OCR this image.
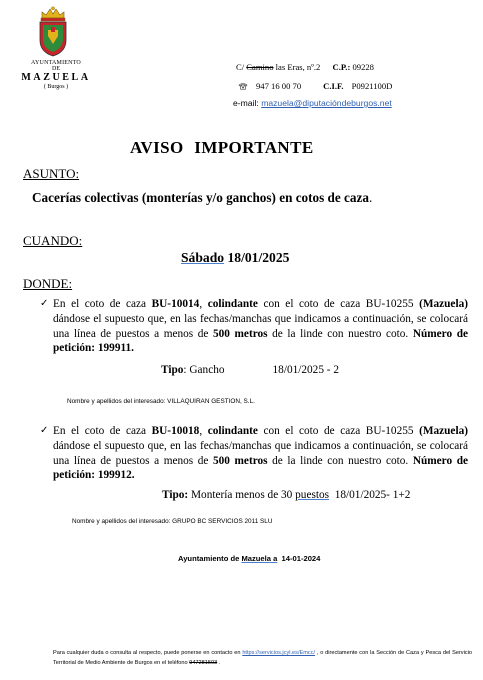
AYUNTAMIENTO
DE
MAZUELA
( Burgos )
C/ Camino las Eras, nº.2 C.P.: 09228
947 16 00 70	C.I.F. P0921100D
e-mail: mazuela@diputacióndeburgos.net
AVISO IMPORTANTE
ASUNTO:
Cacerías colectivas (monterías y/o ganchos) en cotos de caza.
CUANDO:
Sábado 18/01/2025
DONDE:
✓ En el coto de caza BU-10014, colindante con el coto de caza BU-10255 (Mazuela) dándose el supuesto que, en las fechas/manchas que indicamos a continuación, se colocará una línea de puestos a menos de 500 metros de la linde con nuestro coto. Número de petición: 199911.
Tipo: Gancho	18/01/2025 - 2
Nombre y apellidos del interesado: VILLAQUIRAN GESTION, S.L.
✓ En el coto de caza BU-10018, colindante con el coto de caza BU-10255 (Mazuela) dándose el supuesto que, en las fechas/manchas que indicamos a continuación, se colocará una línea de puestos a menos de 500 metros de la linde con nuestro coto. Número de petición: 199912.
Tipo: Montería menos de 30 puestos  18/01/2025- 1+2
Nombre y apellidos del interesado: GRUPO BC SERVICIOS 2011 SLU
Ayuntamiento de Mazuela a  14-01-2024
Para cualquier duda o consulta al respecto, puede ponerse en contacto en https://servicios.jcyl.es/Emcc/ , o directamente con la Sección de Caza y Pesca del Servicio Territorial de Medio Ambiente de Burgos en el teléfono 947281503 .
